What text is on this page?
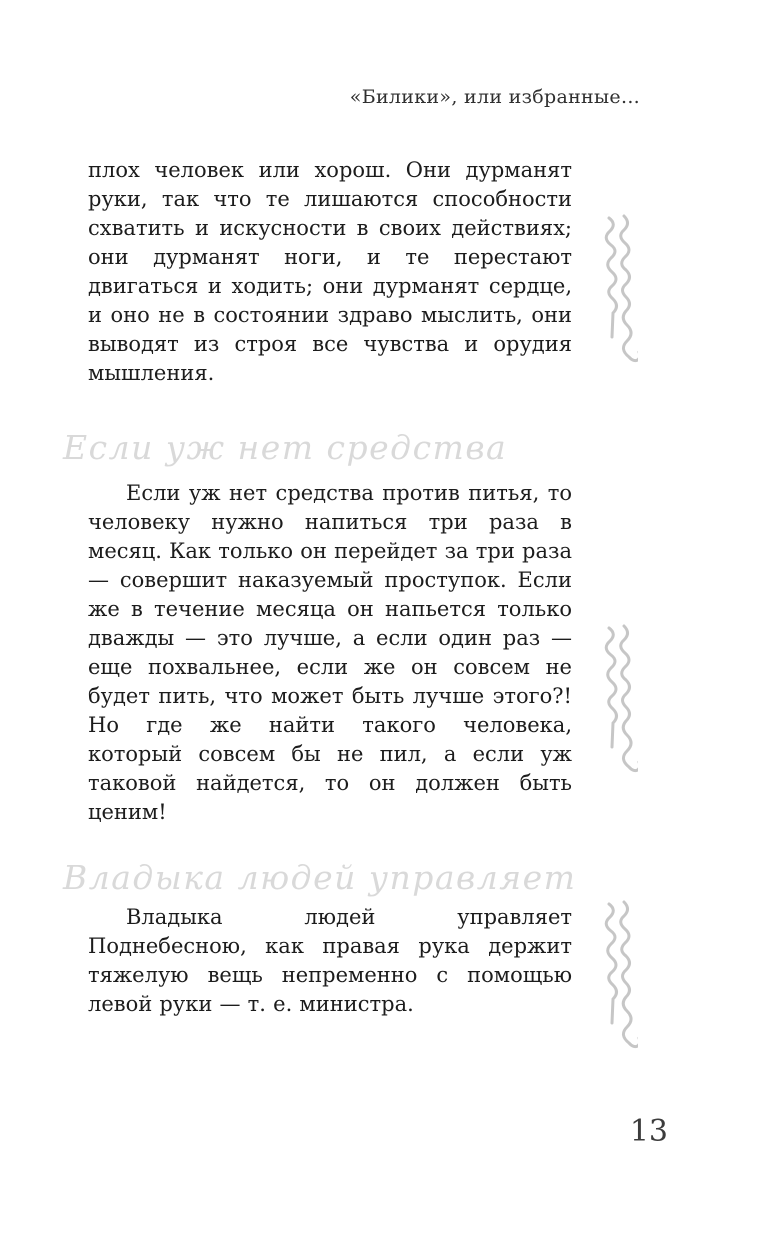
«Билики», или избранные...

плох человек или хорош. Они дурманят руки, так что те лишаются способности схватить и искусности в своих действиях; они дурманят ноги, и те перестают двигаться и ходить; они дурманят сердце, и оно не в состоянии здраво мыслить, они выводят из строя все чувства и орудия мышления.

Если уж нет средства

Если уж нет средства против питья, то человеку нужно напиться три раза в месяц. Как только он перейдет за три раза — совершит наказуемый проступок. Если же в течение месяца он напьется только дважды — это лучше, а если один раз — еще похвальнее, если же он совсем не будет пить, что может быть лучше этого?! Но где же найти такого человека, который совсем бы не пил, а если уж таковой найдется, то он должен быть ценим!

Владыка людей управляет

Владыка людей управляет Поднебесною, как правая рука держит тяжелую вещь непременно с помощью левой руки — т. е. министра.

13
